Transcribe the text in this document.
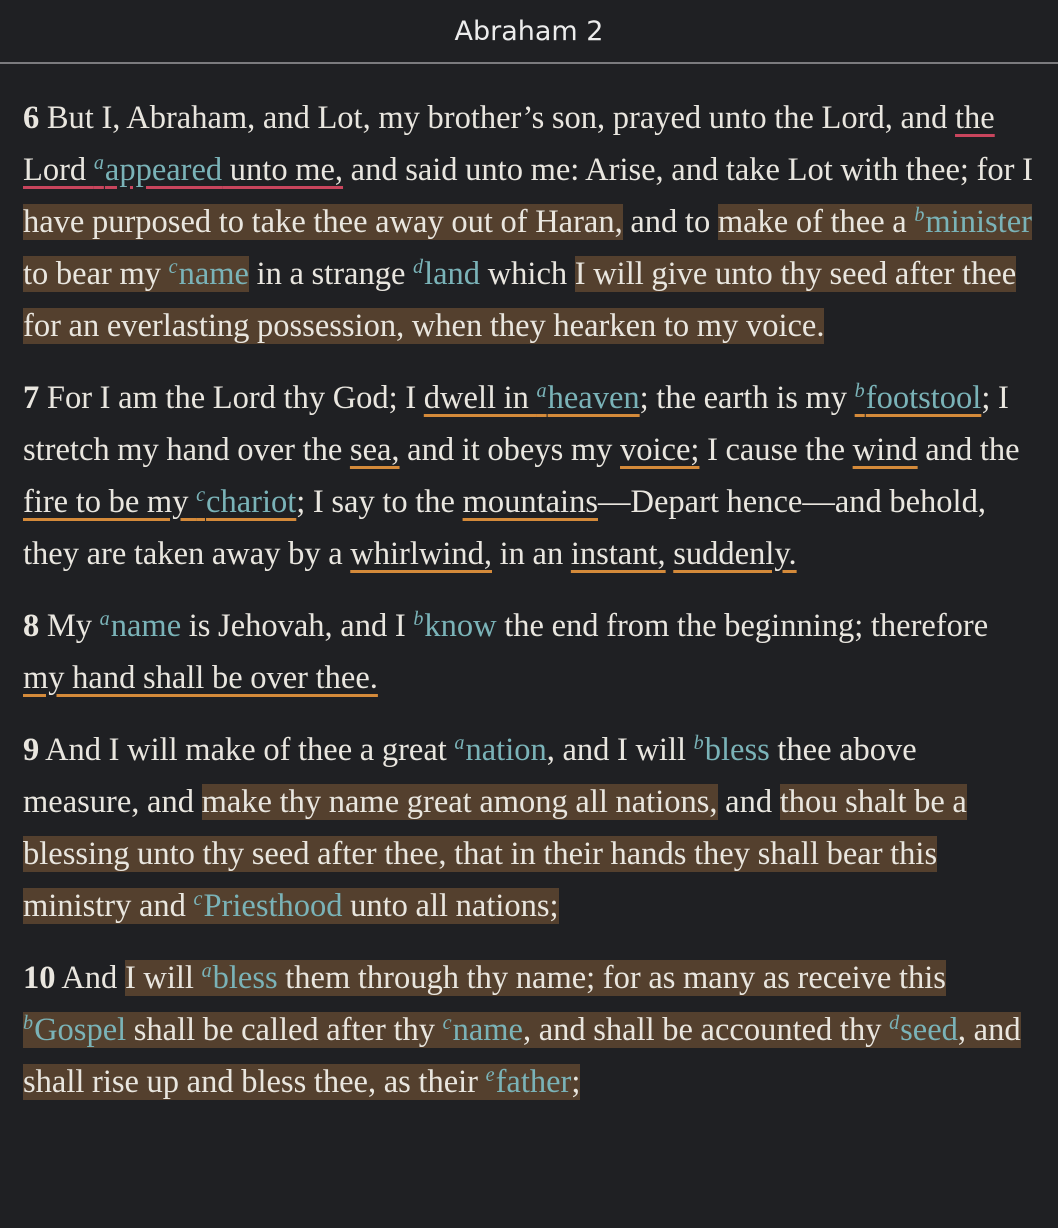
Abraham 2

6 But I, Abraham, and Lot, my brother’s son, prayed unto the Lord, and the Lord $^a$appeared unto me, and said unto me: Arise, and take Lot with thee; for I have purposed to take thee away out of Haran, and to make of thee a $^b$minister to bear my $^c$name in a strange $^d$land which I will give unto thy seed after thee for an everlasting possession, when they hearken to my voice.

7 For I am the Lord thy God; I dwell in $^a$heaven; the earth is my $^b$footstool; I stretch my hand over the sea, and it obeys my voice; I cause the wind and the fire to be my $^c$chariot; I say to the mountains—Depart hence—and behold, they are taken away by a whirlwind, in an instant, suddenly.

8 My $^a$name is Jehovah, and I $^b$know the end from the beginning; therefore my hand shall be over thee.

9 And I will make of thee a great $^a$nation, and I will $^b$bless thee above measure, and make thy name great among all nations, and thou shalt be a blessing unto thy seed after thee, that in their hands they shall bear this ministry and $^c$Priesthood unto all nations;

10 And I will $^a$bless them through thy name; for as many as receive this $^b$Gospel shall be called after thy $^c$name, and shall be accounted thy $^d$seed, and shall rise up and bless thee, as their $^e$father;
